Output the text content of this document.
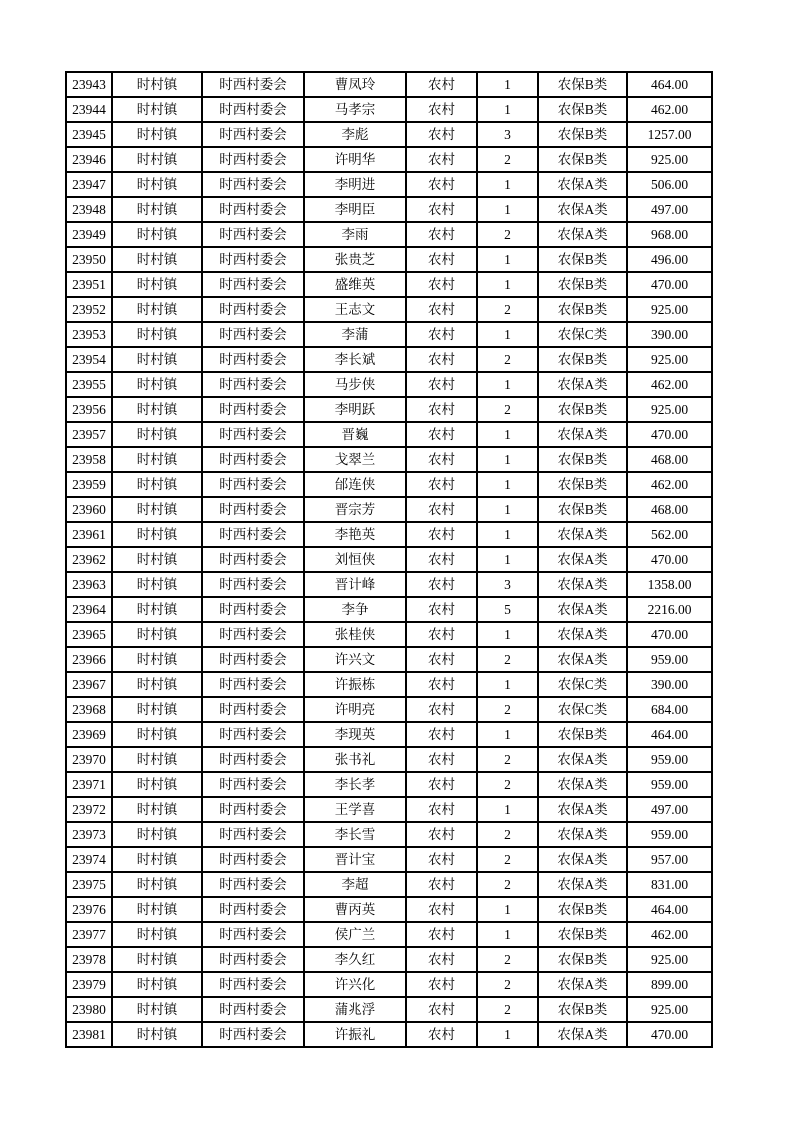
23943	时村镇	时西村委会	曹凤玲	农村	1	农保B类	464.00
23944	时村镇	时西村委会	马孝宗	农村	1	农保B类	462.00
23945	时村镇	时西村委会	李彪	农村	3	农保B类	1257.00
23946	时村镇	时西村委会	许明华	农村	2	农保B类	925.00
23947	时村镇	时西村委会	李明进	农村	1	农保A类	506.00
23948	时村镇	时西村委会	李明臣	农村	1	农保A类	497.00
23949	时村镇	时西村委会	李雨	农村	2	农保A类	968.00
23950	时村镇	时西村委会	张贵芝	农村	1	农保B类	496.00
23951	时村镇	时西村委会	盛维英	农村	1	农保B类	470.00
23952	时村镇	时西村委会	王志文	农村	2	农保B类	925.00
23953	时村镇	时西村委会	李蒲	农村	1	农保C类	390.00
23954	时村镇	时西村委会	李长斌	农村	2	农保B类	925.00
23955	时村镇	时西村委会	马步侠	农村	1	农保A类	462.00
23956	时村镇	时西村委会	李明跃	农村	2	农保B类	925.00
23957	时村镇	时西村委会	晋巍	农村	1	农保A类	470.00
23958	时村镇	时西村委会	戈翠兰	农村	1	农保B类	468.00
23959	时村镇	时西村委会	邰连侠	农村	1	农保B类	462.00
23960	时村镇	时西村委会	晋宗芳	农村	1	农保B类	468.00
23961	时村镇	时西村委会	李艳英	农村	1	农保A类	562.00
23962	时村镇	时西村委会	刘恒侠	农村	1	农保A类	470.00
23963	时村镇	时西村委会	晋计峰	农村	3	农保A类	1358.00
23964	时村镇	时西村委会	李争	农村	5	农保A类	2216.00
23965	时村镇	时西村委会	张桂侠	农村	1	农保A类	470.00
23966	时村镇	时西村委会	许兴文	农村	2	农保A类	959.00
23967	时村镇	时西村委会	许振栋	农村	1	农保C类	390.00
23968	时村镇	时西村委会	许明亮	农村	2	农保C类	684.00
23969	时村镇	时西村委会	李现英	农村	1	农保B类	464.00
23970	时村镇	时西村委会	张书礼	农村	2	农保A类	959.00
23971	时村镇	时西村委会	李长孝	农村	2	农保A类	959.00
23972	时村镇	时西村委会	王学喜	农村	1	农保A类	497.00
23973	时村镇	时西村委会	李长雪	农村	2	农保A类	959.00
23974	时村镇	时西村委会	晋计宝	农村	2	农保A类	957.00
23975	时村镇	时西村委会	李超	农村	2	农保A类	831.00
23976	时村镇	时西村委会	曹丙英	农村	1	农保B类	464.00
23977	时村镇	时西村委会	侯广兰	农村	1	农保B类	462.00
23978	时村镇	时西村委会	李久红	农村	2	农保B类	925.00
23979	时村镇	时西村委会	许兴化	农村	2	农保A类	899.00
23980	时村镇	时西村委会	蒲兆浮	农村	2	农保B类	925.00
23981	时村镇	时西村委会	许振礼	农村	1	农保A类	470.00
